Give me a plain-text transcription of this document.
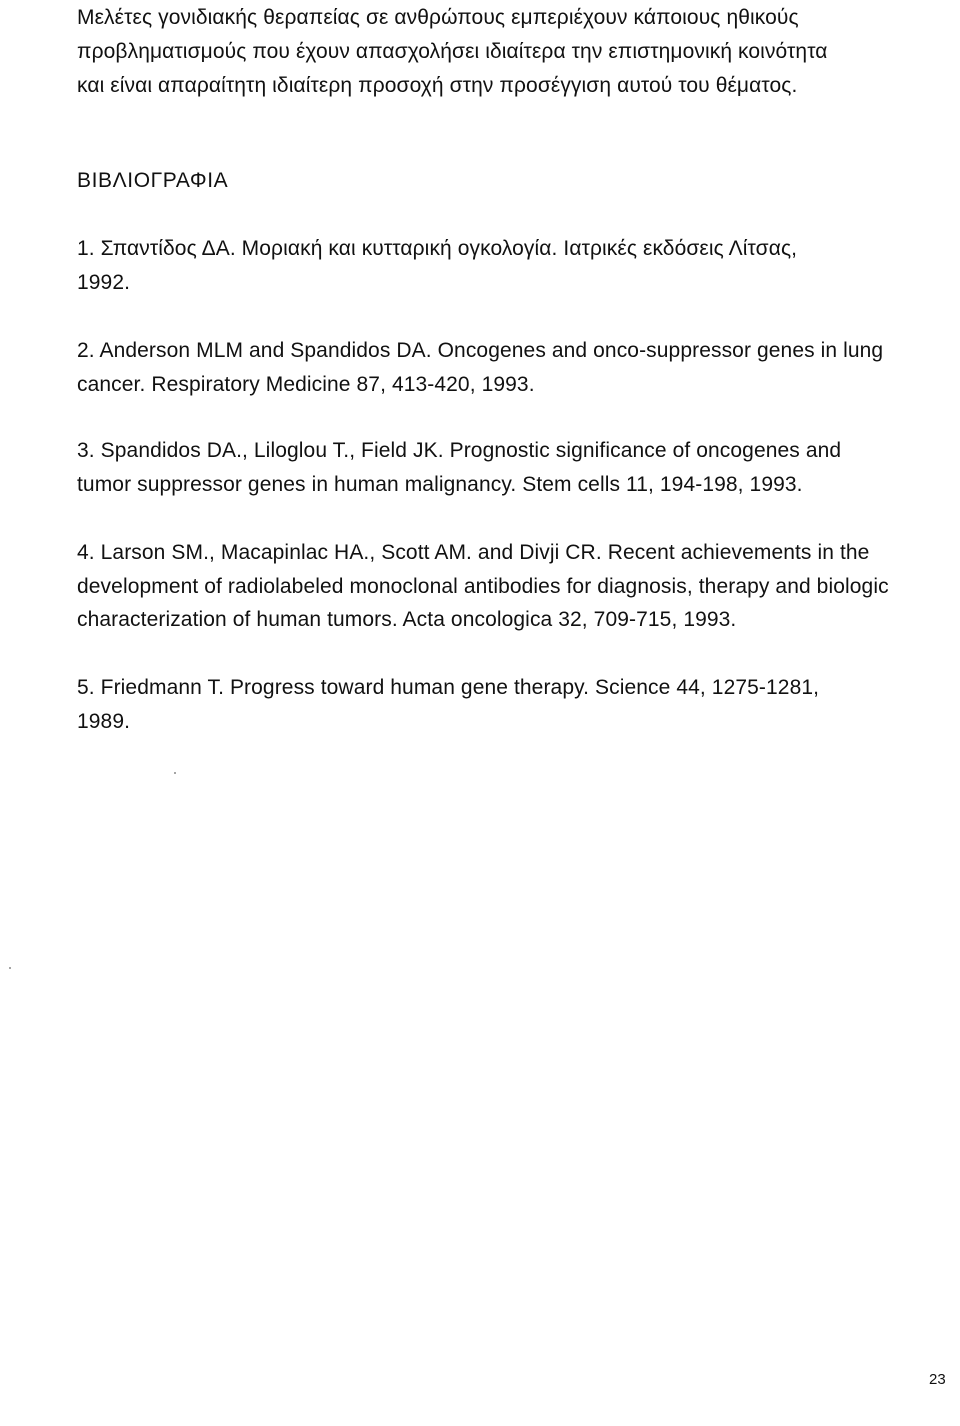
Μελέτες γονιδιακής θεραπείας σε ανθρώπους εμπεριέχουν κάποιους ηθικούς
προβληματισμούς που έχουν απασχολήσει ιδιαίτερα την επιστημονική κοινότητα
και είναι απαραίτητη ιδιαίτερη προσοχή στην προσέγγιση αυτού του θέματος.
ΒΙΒΛΙΟΓΡΑΦΙΑ
1. Σπαντίδος ΔΑ. Μοριακή και κυτταρική ογκολογία. Ιατρικές εκδόσεις Λίτσας,
1992.
2. Anderson MLM and Spandidos DA. Oncogenes and onco-suppressor genes in lung
cancer. Respiratory Medicine 87, 413-420, 1993.
3. Spandidos DA., Liloglou T., Field JK. Prognostic significance of oncogenes and
tumor suppressor genes in human malignancy. Stem cells 11, 194-198, 1993.
4. Larson SM., Macapinlac HA., Scott AM. and Divji CR. Recent achievements in the
development of radiolabeled monoclonal antibodies for diagnosis, therapy and biologic
characterization of human tumors. Acta oncologica 32, 709-715, 1993.
5. Friedmann T. Progress toward human gene therapy. Science 44, 1275-1281,
1989.
23
